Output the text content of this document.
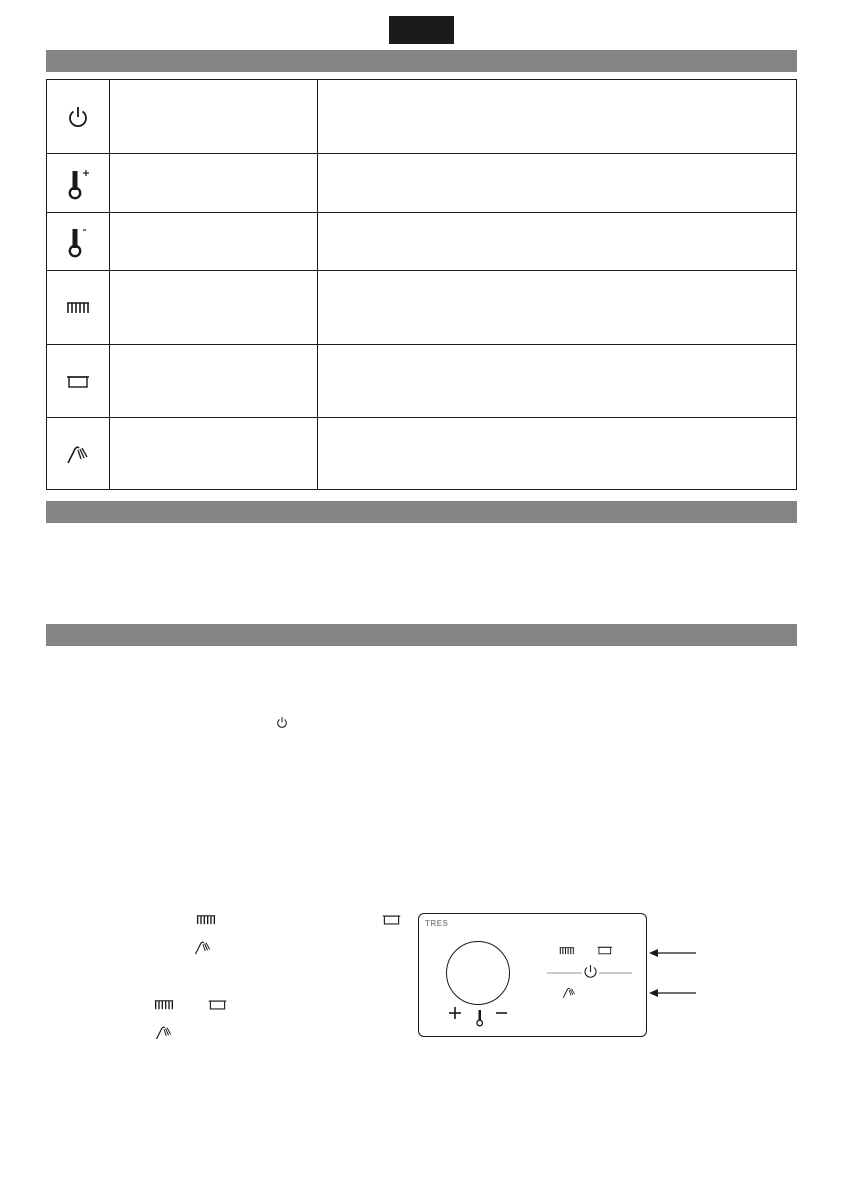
TRES
